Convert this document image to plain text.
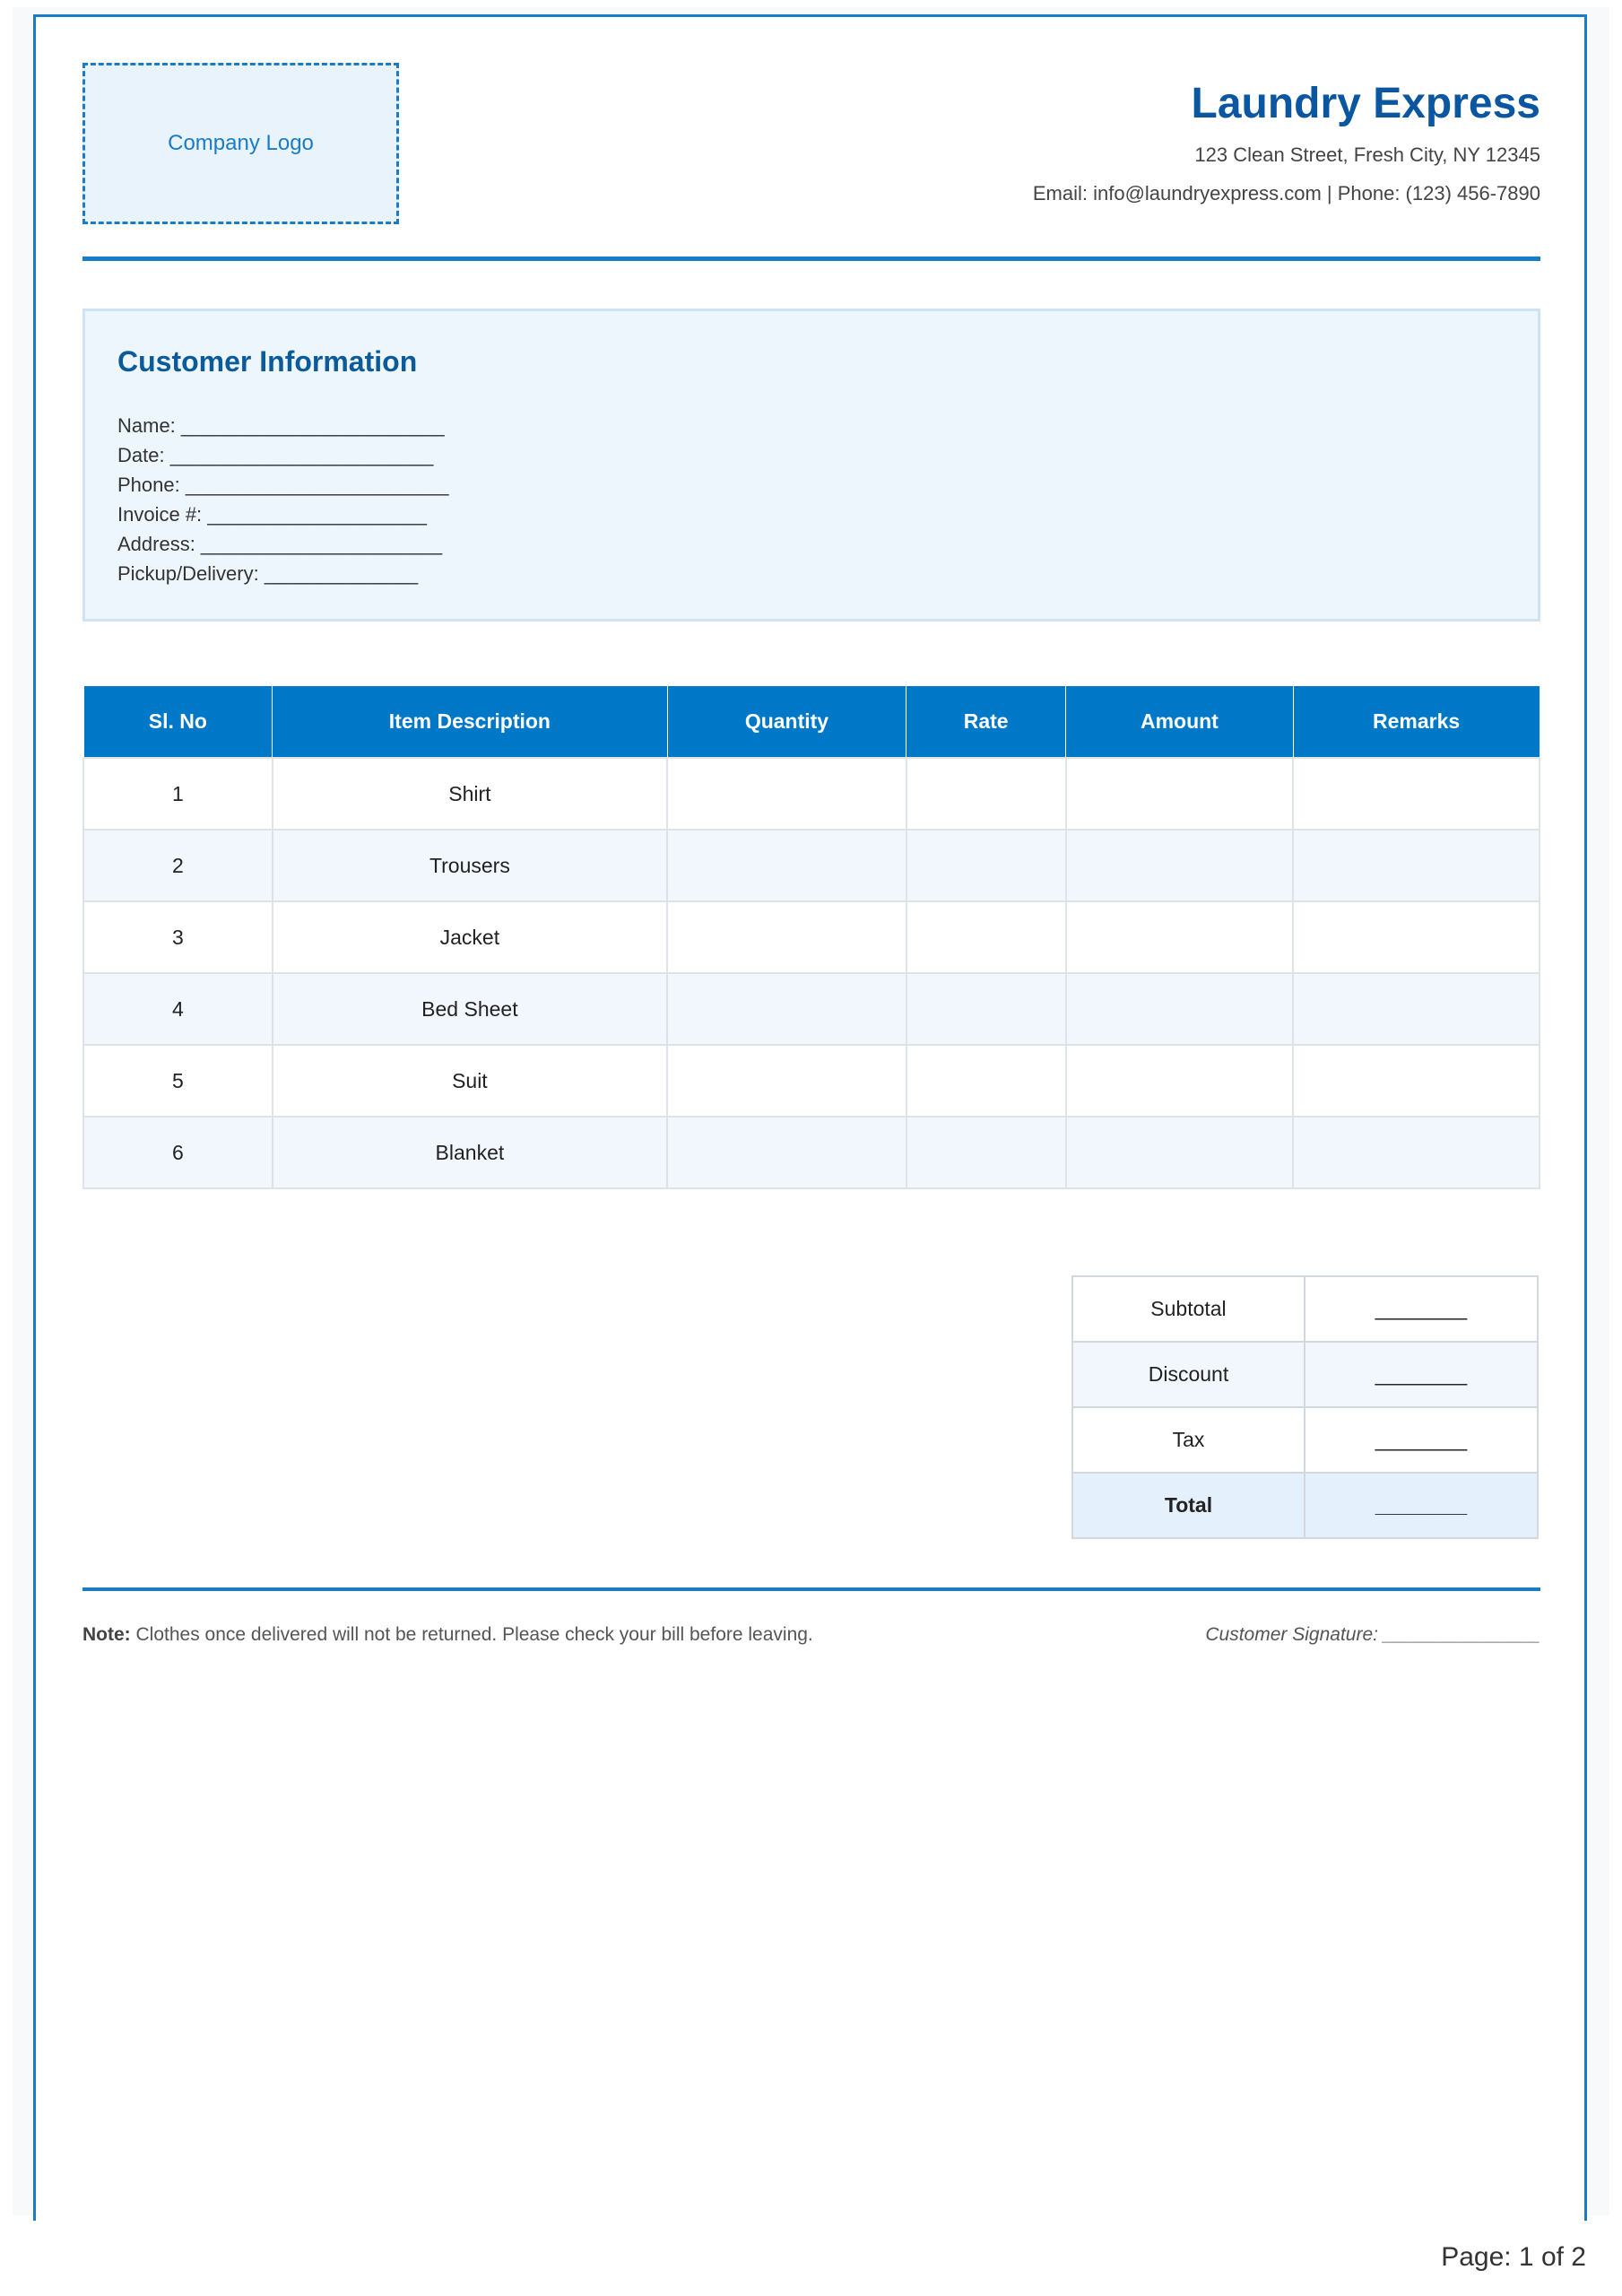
Company Logo
Laundry Express
123 Clean Street, Fresh City, NY 12345
Email: info@laundryexpress.com | Phone: (123) 456-7890
Customer Information
Name: ________________________
Date: ________________________
Phone: ________________________
Invoice #: ____________________
Address: ______________________
Pickup/Delivery: ______________
Sl. No	Item Description	Quantity	Rate	Amount	Remarks
1	Shirt				
2	Trousers				
3	Jacket				
4	Bed Sheet				
5	Suit				
6	Blanket				
Subtotal	________
Discount	________
Tax	________
Total	________
Note: Clothes once delivered will not be returned. Please check your bill before leaving.	Customer Signature: _______________
Page: 1 of 2
